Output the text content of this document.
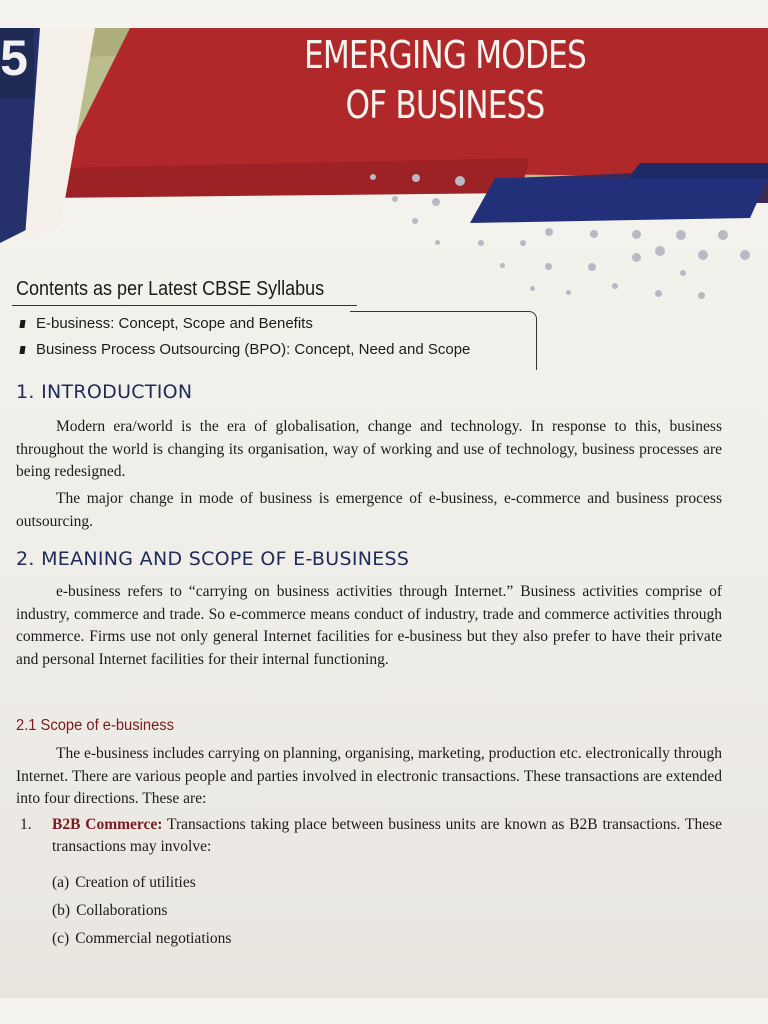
5	EMERGING MODES
OF BUSINESS
Contents as per Latest CBSE Syllabus
E-business: Concept, Scope and Benefits
Business Process Outsourcing (BPO): Concept, Need and Scope
1. INTRODUCTION
Modern era/world is the era of globalisation, change and technology. In response to this, business throughout the world is changing its organisation, way of working and use of technology, business processes are being redesigned.
The major change in mode of business is emergence of e-business, e-commerce and business process outsourcing.
2. MEANING AND SCOPE OF E-BUSINESS
e-business refers to “carrying on business activities through Internet.” Business activities comprise of industry, commerce and trade. So e-commerce means conduct of industry, trade and commerce activities through commerce. Firms use not only general Internet facilities for e-business but they also prefer to have their private and personal Internet facilities for their internal functioning.
2.1 Scope of e-business
The e-business includes carrying on planning, organising, marketing, production etc. electronically through Internet. There are various people and parties involved in electronic transactions. These transactions are extended into four directions. These are:
1.	B2B Commerce: Transactions taking place between business units are known as B2B transactions. These transactions may involve:
(a) Creation of utilities
(b) Collaborations
(c) Commercial negotiations
